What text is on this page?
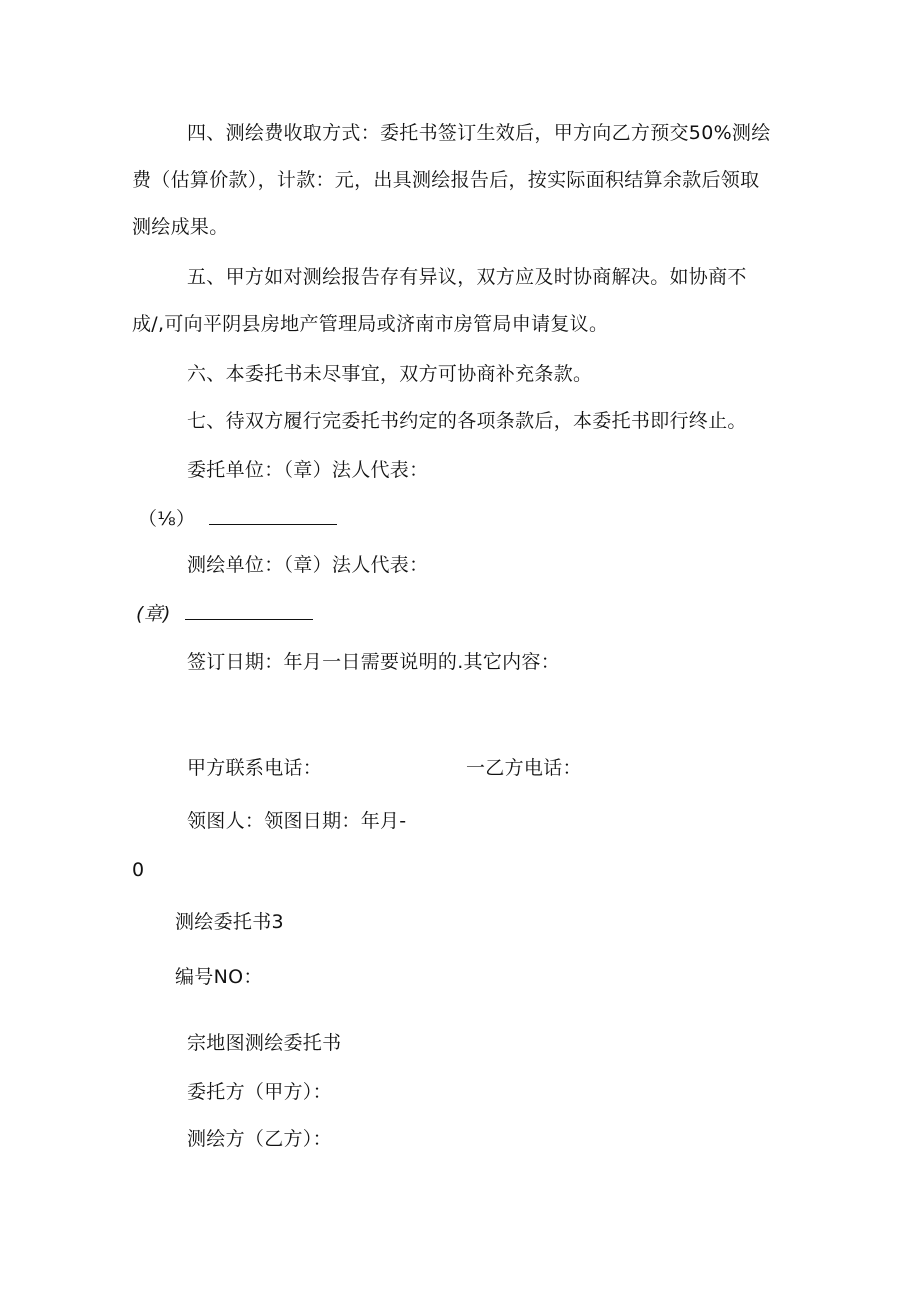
四、测绘费收取方式：委托书签订生效后，甲方向乙方预交50%测绘
费（估算价款），计款：元，出具测绘报告后，按实际面积结算余款后领取
测绘成果。
五、甲方如对测绘报告存有异议，双方应及时协商解决。如协商不
成/,可向平阴县房地产管理局或济南市房管局申请复议。
六、本委托书未尽事宜，双方可协商补充条款。
七、待双方履行完委托书约定的各项条款后，本委托书即行终止。
委托单位：（章）法人代表：
（⅛）
测绘单位：（章）法人代表：
(章)
签订日期：年月一日需要说明的.其它内容：
甲方联系电话：	一乙方电话：
领图人：领图日期：年月-
0
测绘委托书3
编号NO：
宗地图测绘委托书
委托方（甲方）：
测绘方（乙方）：
